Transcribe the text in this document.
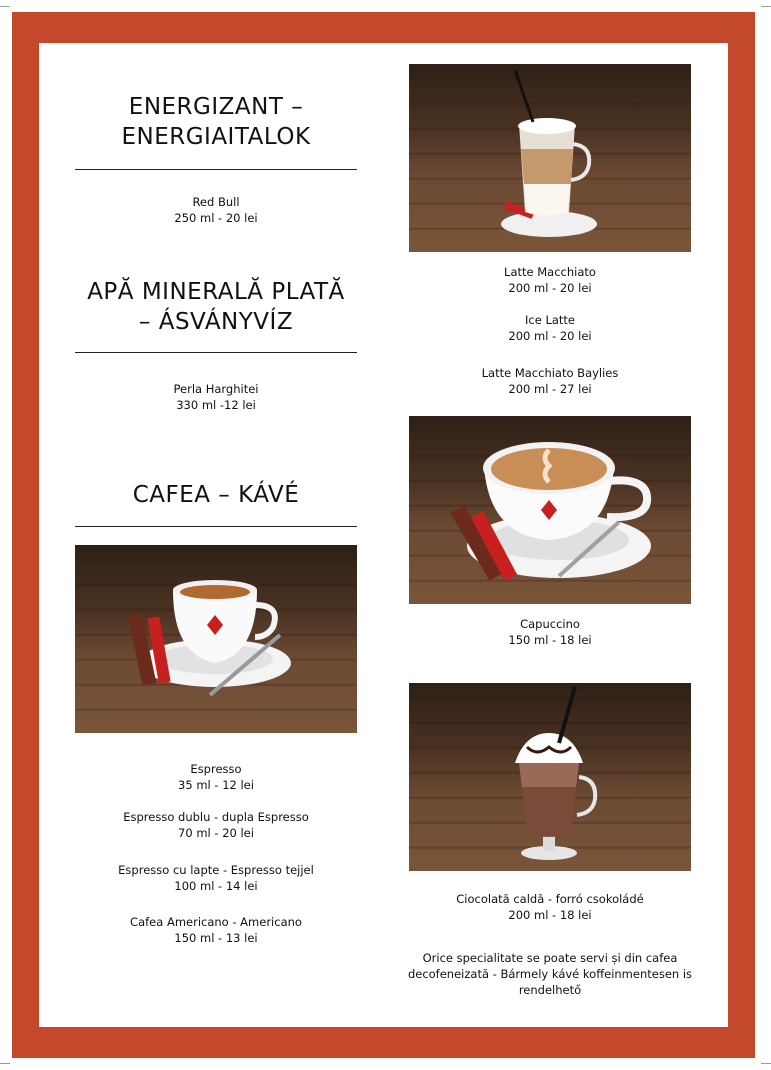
ENERGIZANT –
ENERGIAITALOK
Red Bull
250 ml - 20 lei
APĂ MINERALĂ PLATĂ
– ÁSVÁNYVÍZ
Perla Harghitei
330 ml -12 lei
CAFEA – KÁVÉ
Espresso
35 ml - 12 lei
Espresso dublu - dupla Espresso
70 ml - 20 lei
Espresso cu lapte - Espresso tejjel
100 ml - 14 lei
Cafea Americano - Americano
150 ml - 13 lei
Latte Macchiato
200 ml - 20 lei
Ice Latte
200 ml - 20 lei
Latte Macchiato Baylies
200 ml - 27 lei
Capuccino
150 ml - 18 lei
Ciocolată caldă - forró csokoládé
200 ml - 18 lei
Orice specialitate se poate servi și din cafea
decofeneizată - Bármely kávé koffeinmentesen is
rendelhető
